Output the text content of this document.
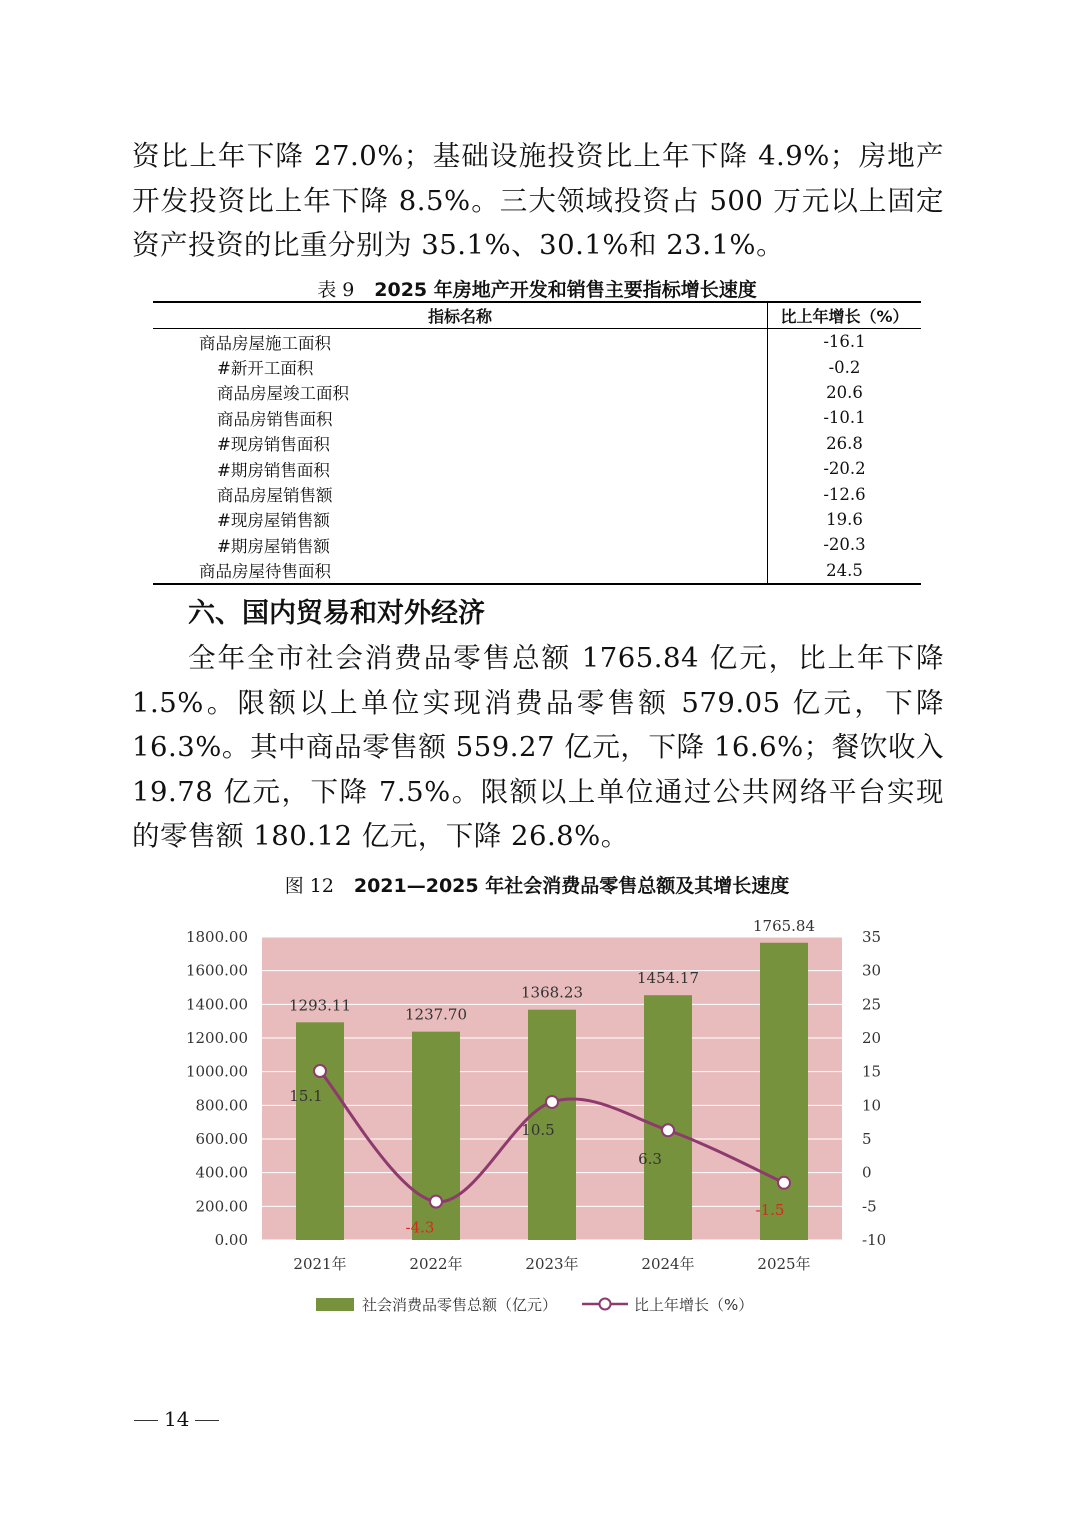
资比上年下降 27.0%；基础设施投资比上年下降 4.9%；房地产开发投资比上年下降 8.5%。三大领域投资占 500 万元以上固定资产投资的比重分别为 35.1%、30.1%和 23.1%。

表 9 2025 年房地产开发和销售主要指标增长速度
指标名称	比上年增长（%）
商品房屋施工面积	-16.1
#新开工面积	-0.2
商品房屋竣工面积	20.6
商品房销售面积	-10.1
#现房销售面积	26.8
#期房销售面积	-20.2
商品房屋销售额	-12.6
#现房屋销售额	19.6
#期房屋销售额	-20.3
商品房屋待售面积	24.5
六、国内贸易和对外经济

全年全市社会消费品零售总额 1765.84 亿元，比上年下降 1.5%。限额以上单位实现消费品零售额 579.05 亿元，下降 16.3%。其中商品零售额 559.27 亿元，下降 16.6%；餐饮收入 19.78 亿元，下降 7.5%。限额以上单位通过公共网络平台实现的零售额 180.12 亿元，下降 26.8%。

图 12 2021—2025 年社会消费品零售总额及其增长速度
0.00
200.00
400.00
600.00
800.00
1000.00
1200.00
1400.00
1600.00
1800.00
-10
-5
0
5
10
15
20
25
30
35
1293.11
1237.70
1368.23
1454.17
1765.84
2021年	2022年	2023年	2024年	2025年
15.1
-4.3
10.5
6.3
-1.5
社会消费品零售总额（亿元）	比上年增长（%）
14
